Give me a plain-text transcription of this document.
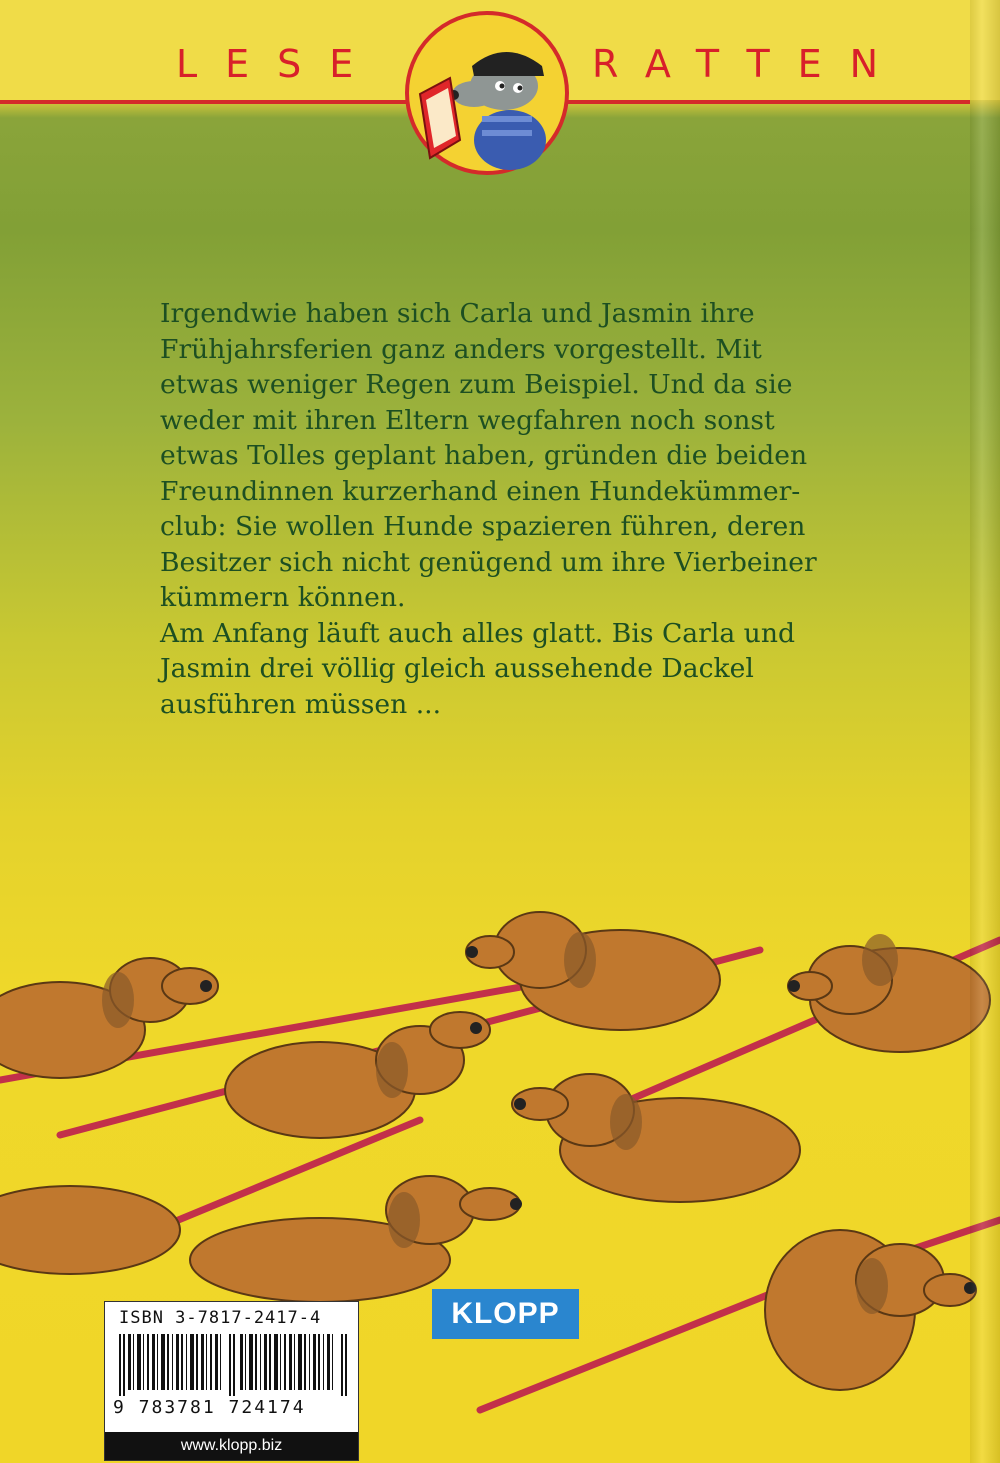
LESE	RATTEN

Irgendwie haben sich Carla und Jasmin ihre
Frühjahrsferien ganz anders vorgestellt. Mit
etwas weniger Regen zum Beispiel. Und da sie
weder mit ihren Eltern wegfahren noch sonst
etwas Tolles geplant haben, gründen die beiden
Freundinnen kurzerhand einen Hundekümmer-
club: Sie wollen Hunde spazieren führen, deren
Besitzer sich nicht genügend um ihre Vierbeiner
kümmern können.

Am Anfang läuft auch alles glatt. Bis Carla und
Jasmin drei völlig gleich aussehende Dackel
ausführen müssen ...

ISBN 3-7817-2417-4
9 783781 724174
www.klopp.biz
KLOPP
